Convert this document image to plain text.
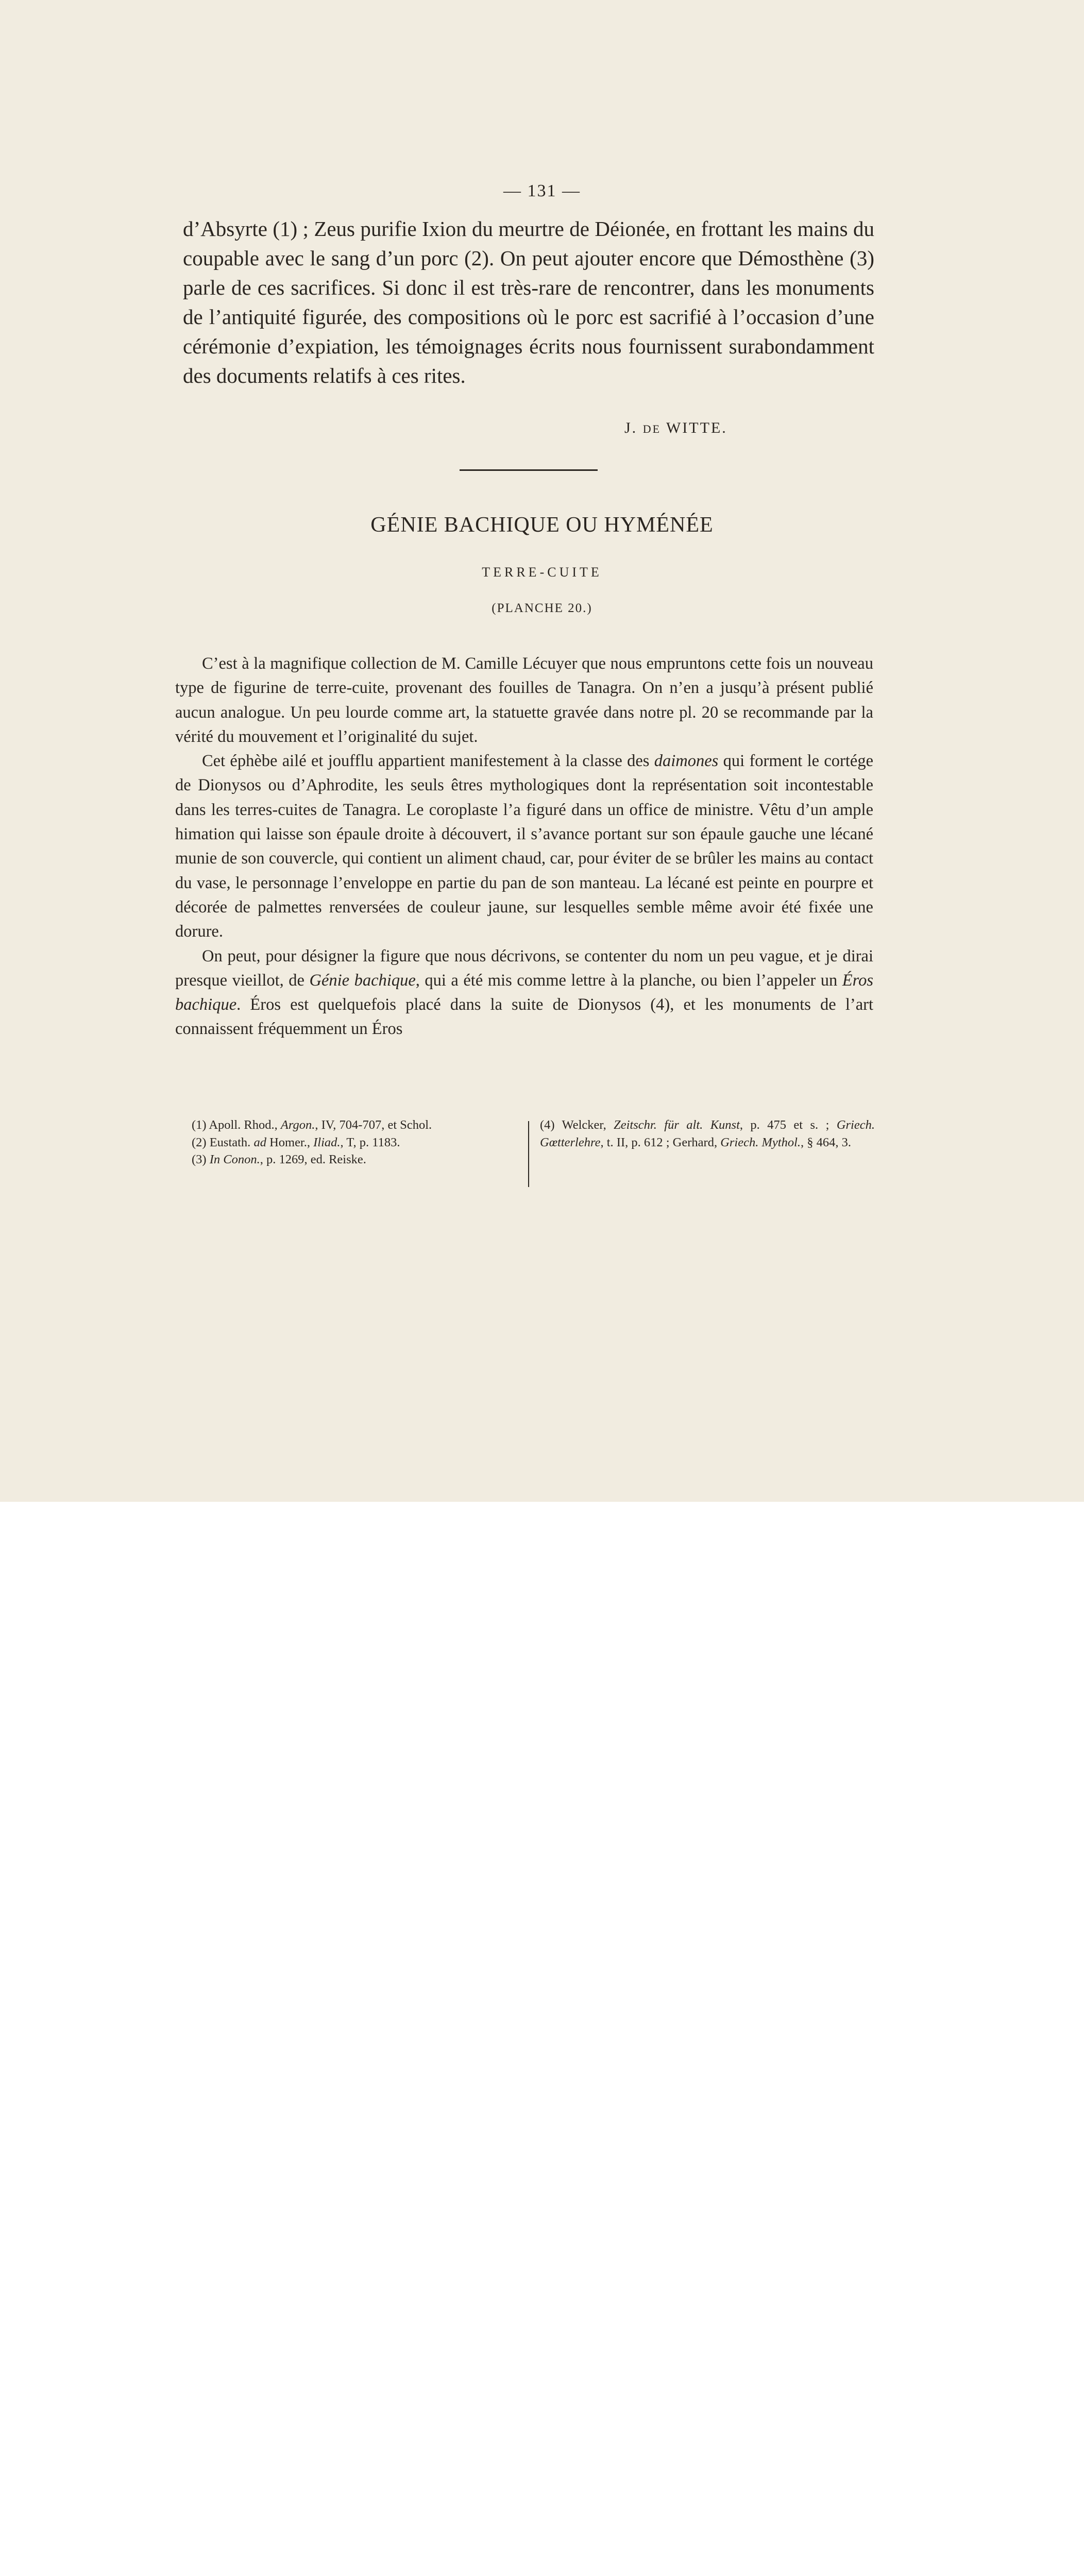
— 131 —
d’Absyrte (1) ; Zeus purifie Ixion du meurtre de Déionée, en frottant les mains du coupable avec le sang d’un porc (2). On peut ajouter encore que Démosthène (3) parle de ces sacrifices. Si donc il est très-rare de rencontrer, dans les monuments de l’antiquité figurée, des compositions où le porc est sacrifié à l’occasion d’une cérémonie d’expiation, les témoignages écrits nous fournissent surabondamment des documents relatifs à ces rites.
J. DE WITTE.
GÉNIE BACHIQUE OU HYMÉNÉE
TERRE-CUITE
(PLANCHE 20.)

C’est à la magnifique collection de M. Camille Lécuyer que nous empruntons cette fois un nouveau type de figurine de terre-cuite, provenant des fouilles de Tanagra. On n’en a jusqu’à présent publié aucun analogue. Un peu lourde comme art, la statuette gravée dans notre pl. 20 se recommande par la vérité du mouvement et l’originalité du sujet.

Cet éphèbe ailé et joufflu appartient manifestement à la classe des daimones qui forment le cortége de Dionysos ou d’Aphrodite, les seuls êtres mythologiques dont la représentation soit incontestable dans les terres-cuites de Tanagra. Le coroplaste l’a figuré dans un office de ministre. Vêtu d’un ample himation qui laisse son épaule droite à découvert, il s’avance portant sur son épaule gauche une lécané munie de son couvercle, qui contient un aliment chaud, car, pour éviter de se brûler les mains au contact du vase, le personnage l’enveloppe en partie du pan de son manteau. La lécané est peinte en pourpre et décorée de palmettes renversées de couleur jaune, sur lesquelles semble même avoir été fixée une dorure.

On peut, pour désigner la figure que nous décrivons, se contenter du nom un peu vague, et je dirai presque vieillot, de Génie bachique, qui a été mis comme lettre à la planche, ou bien l’appeler un Éros bachique. Éros est quelquefois placé dans la suite de Dionysos (4), et les monuments de l’art connaissent fréquemment un Éros

(1) Apoll. Rhod., Argon., IV, 704-707, et Schol.
(2) Eustath. ad Homer., Iliad., T, p. 1183.
(3) In Conon., p. 1269, ed. Reiske.
(4) Welcker, Zeitschr. für alt. Kunst, p. 475 et s. ; Griech. Gœtterlehre, t. II, p. 612 ; Gerhard, Griech. Mythol., § 464, 3.
